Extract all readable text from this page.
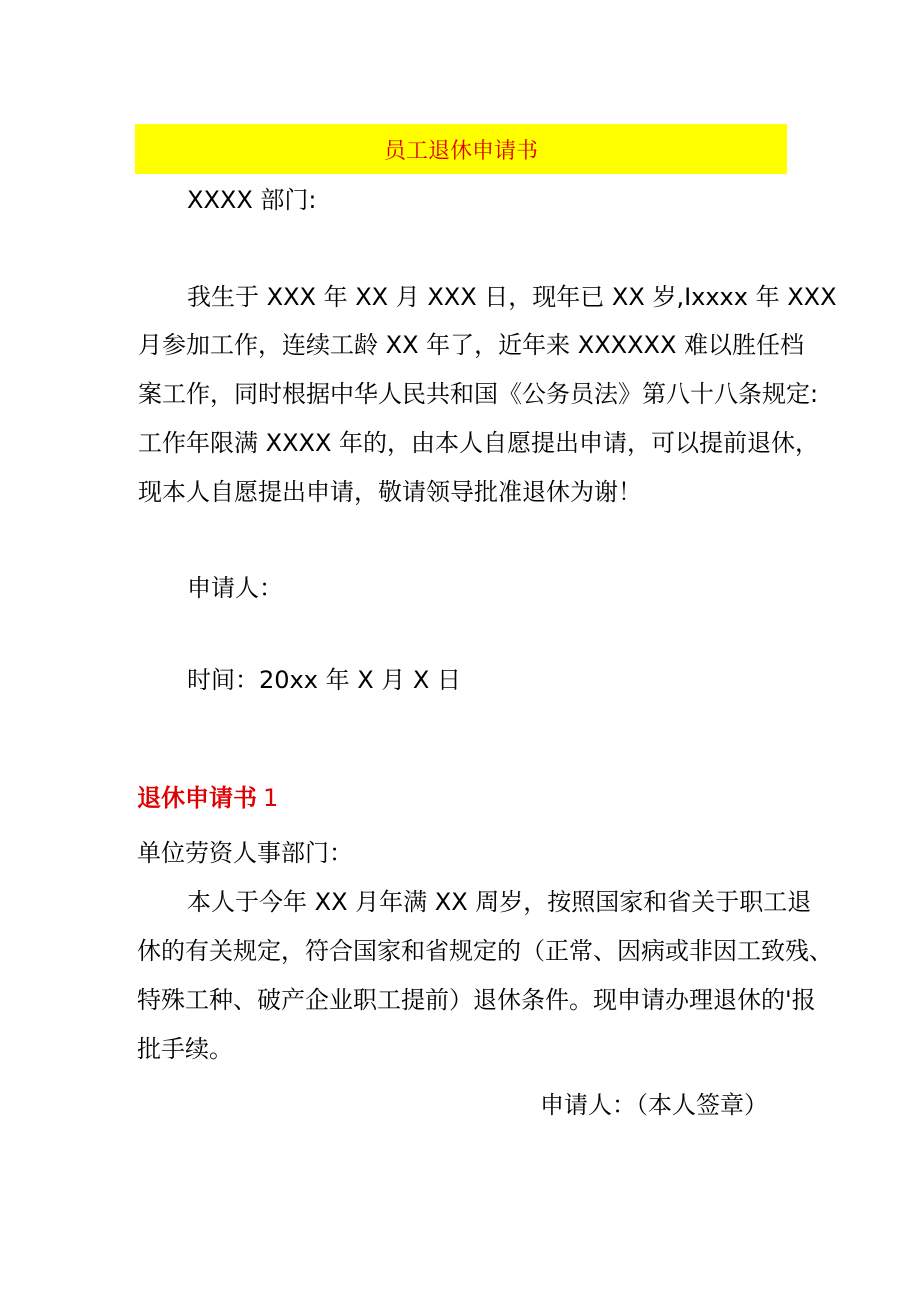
员工退休申请书
XXXX 部门:
我生于 XXX 年 XX 月 XXX 日，现年已 XX 岁,Ixxxx 年 XXX
月参加工作，连续工龄 XX 年了，近年来 XXXXXX 难以胜任档
案工作，同时根据中华人民共和国《公务员法》第八十八条规定:
工作年限满 XXXX 年的，由本人自愿提出申请，可以提前退休，
现本人自愿提出申请，敬请领导批准退休为谢！
申请人：
时间：20xx 年 X 月 X 日
退休申请书 1
单位劳资人事部门：
本人于今年 XX 月年满 XX 周岁，按照国家和省关于职工退
休的有关规定，符合国家和省规定的（正常、因病或非因工致残、
特殊工种、破产企业职工提前）退休条件。现申请办理退休的'报
批手续。
申请人：（本人签章）
